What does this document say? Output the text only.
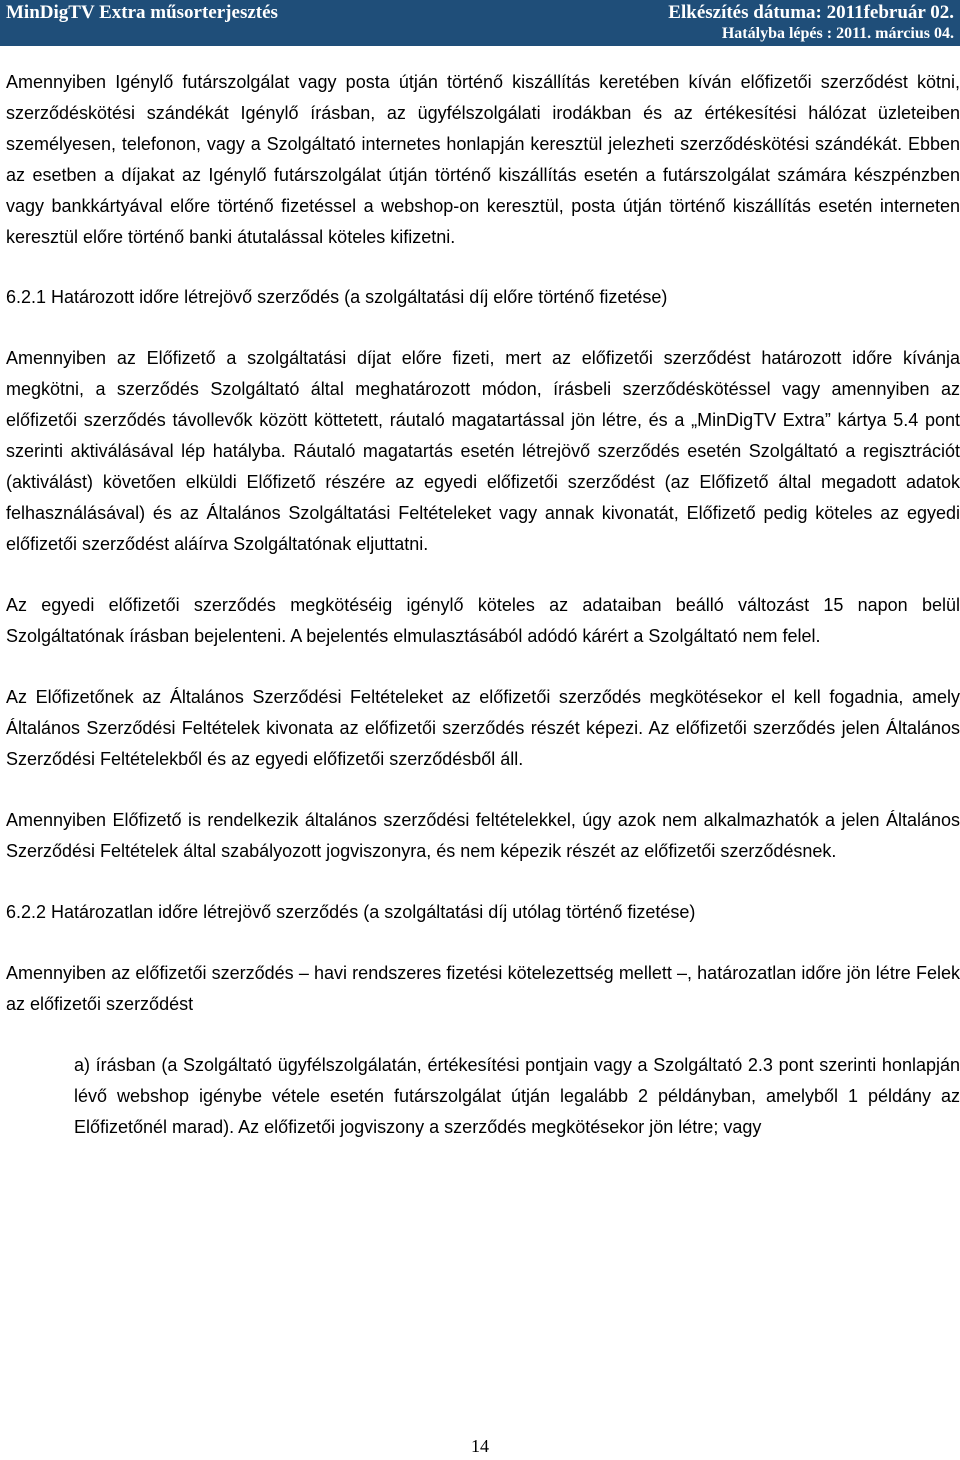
MinDigTV Extra műsorterjesztés	Elkészítés dátuma: 2011február 02.
Hatályba lépés : 2011. március 04.

Amennyiben Igénylő futárszolgálat vagy posta útján történő kiszállítás keretében kíván előfizetői szerződést kötni, szerződéskötési szándékát Igénylő írásban, az ügyfélszolgálati irodákban és az értékesítési hálózat üzleteiben személyesen, telefonon, vagy a Szolgáltató internetes honlapján keresztül jelezheti szerződéskötési szándékát. Ebben az esetben a díjakat az Igénylő futárszolgálat útján történő kiszállítás esetén a futárszolgálat számára készpénzben vagy bankkártyával előre történő fizetéssel a webshop-on keresztül, posta útján történő kiszállítás esetén interneten keresztül előre történő banki átutalással köteles kifizetni.

6.2.1 Határozott időre létrejövő szerződés (a szolgáltatási díj előre történő fizetése)

Amennyiben az Előfizető a szolgáltatási díjat előre fizeti, mert az előfizetői szerződést határozott időre kívánja megkötni, a szerződés Szolgáltató által meghatározott módon, írásbeli szerződéskötéssel vagy amennyiben az előfizetői szerződés távollevők között köttetett, ráutaló magatartással jön létre, és a „MinDigTV Extra” kártya 5.4 pont szerinti aktiválásával lép hatályba. Ráutaló magatartás esetén létrejövő szerződés esetén Szolgáltató a regisztrációt (aktiválást) követően elküldi Előfizető részére az egyedi előfizetői szerződést (az Előfizető által megadott adatok felhasználásával) és az Általános Szolgáltatási Feltételeket vagy annak kivonatát, Előfizető pedig köteles az egyedi előfizetői szerződést aláírva Szolgáltatónak eljuttatni.

Az egyedi előfizetői szerződés megkötéséig igénylő köteles az adataiban beálló változást 15 napon belül Szolgáltatónak írásban bejelenteni. A bejelentés elmulasztásából adódó kárért a Szolgáltató nem felel.

Az Előfizetőnek az Általános Szerződési Feltételeket az előfizetői szerződés megkötésekor el kell fogadnia, amely Általános Szerződési Feltételek kivonata az előfizetői szerződés részét képezi. Az előfizetői szerződés jelen Általános Szerződési Feltételekből és az egyedi előfizetői szerződésből áll.

Amennyiben Előfizető is rendelkezik általános szerződési feltételekkel, úgy azok nem alkalmazhatók a jelen Általános Szerződési Feltételek által szabályozott jogviszonyra, és nem képezik részét az előfizetői szerződésnek.

6.2.2 Határozatlan időre létrejövő szerződés (a szolgáltatási díj utólag történő fizetése)

Amennyiben az előfizetői szerződés – havi rendszeres fizetési kötelezettség mellett –, határozatlan időre jön létre Felek az előfizetői szerződést

a) írásban (a Szolgáltató ügyfélszolgálatán, értékesítési pontjain vagy a Szolgáltató 2.3 pont szerinti honlapján lévő webshop igénybe vétele esetén futárszolgálat útján legalább 2 példányban, amelyből 1 példány az Előfizetőnél marad). Az előfizetői jogviszony a szerződés megkötésekor jön létre; vagy

14
